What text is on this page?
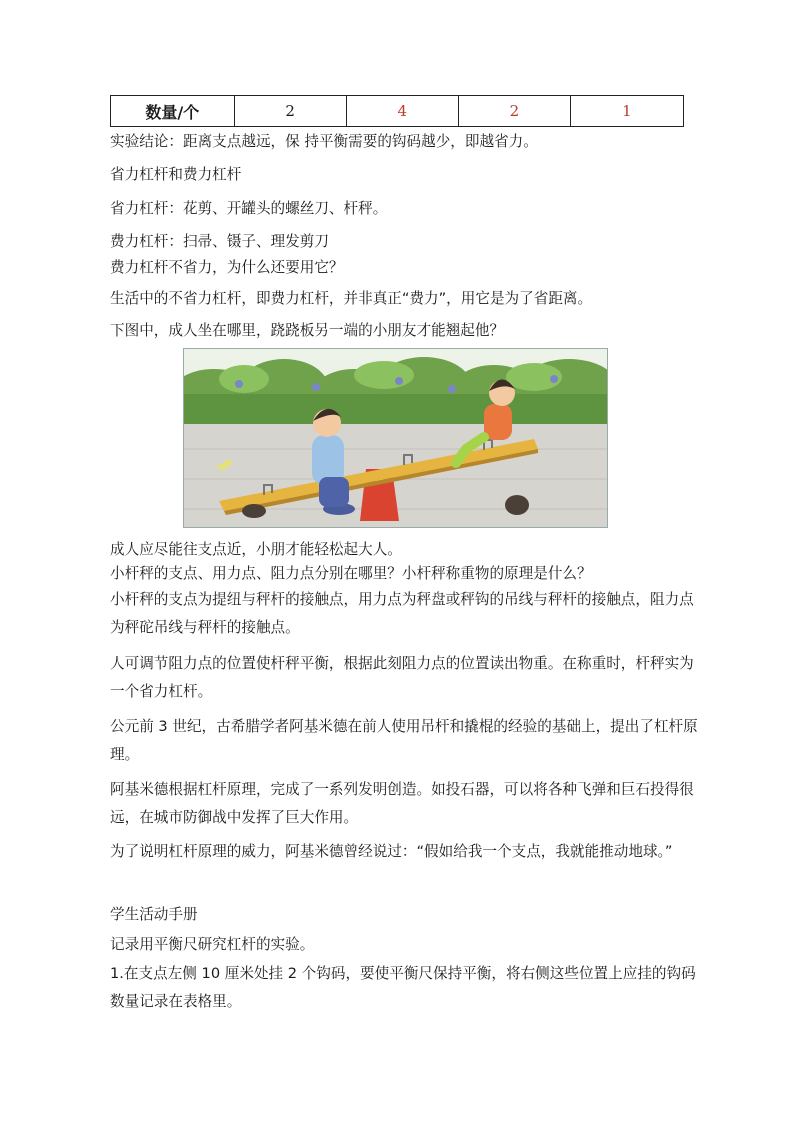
数量/个	2	4	2	1
实验结论：距离支点越远，保 持平衡需要的钩码越少，即越省力。
省力杠杆和费力杠杆
省力杠杆：花剪、开罐头的螺丝刀、杆秤。
费力杠杆：扫帚、镊子、理发剪刀
费力杠杆不省力，为什么还要用它？
生活中的不省力杠杆，即费力杠杆，并非真正“费力”，用它是为了省距离。
下图中，成人坐在哪里，跷跷板另一端的小朋友才能翘起他？
成人应尽能往支点近，小朋才能轻松起大人。
小杆秤的支点、用力点、阻力点分别在哪里？小杆秤称重物的原理是什么？
小杆秤的支点为提纽与秤杆的接触点，用力点为秤盘或秤钩的吊线与秤杆的接触点，阻力点为秤砣吊线与秤杆的接触点。
人可调节阻力点的位置使杆秤平衡，根据此刻阻力点的位置读出物重。在称重时，杆秤实为一个省力杠杆。
公元前 3 世纪，古希腊学者阿基米德在前人使用吊杆和撬棍的经验的基础上，提出了杠杆原理。
阿基米德根据杠杆原理，完成了一系列发明创造。如投石器，可以将各种飞弹和巨石投得很远，在城市防御战中发挥了巨大作用。
为了说明杠杆原理的威力，阿基米德曾经说过：“假如给我一个支点，我就能推动地球。”
学生活动手册
记录用平衡尺研究杠杆的实验。
1.在支点左侧 10 厘米处挂 2 个钩码，要使平衡尺保持平衡，将右侧这些位置上应挂的钩码数量记录在表格里。
